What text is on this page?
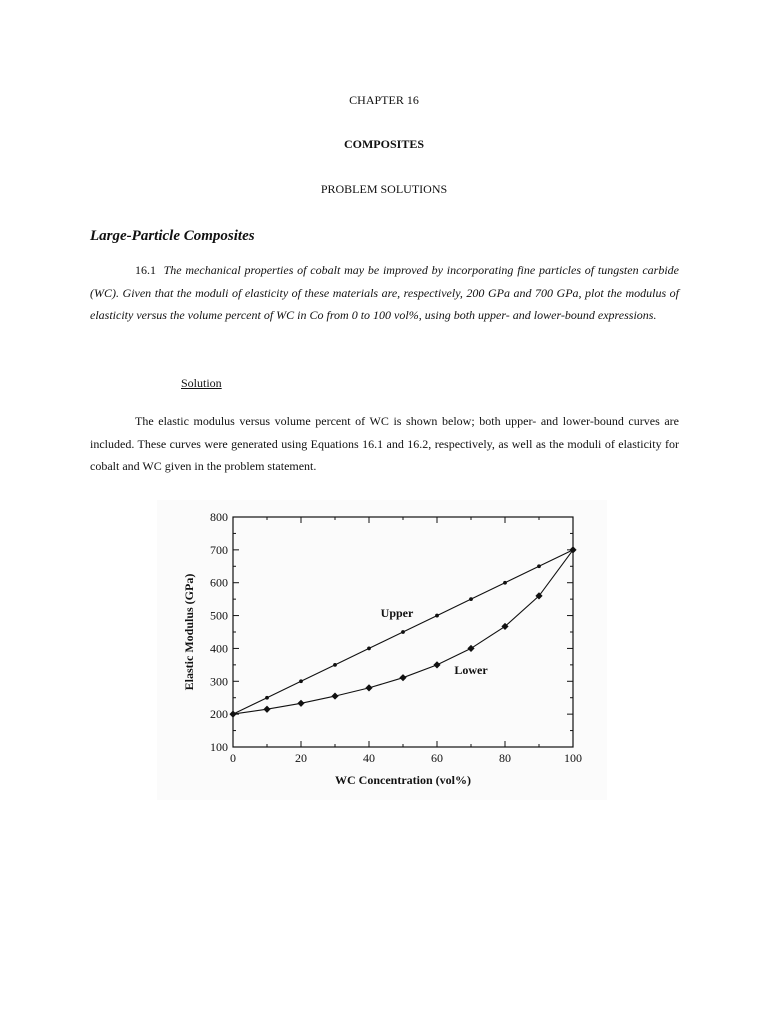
CHAPTER 16
COMPOSITES
PROBLEM SOLUTIONS
Large-Particle Composites

16.1 The mechanical properties of cobalt may be improved by incorporating fine particles of tungsten carbide (WC). Given that the moduli of elasticity of these materials are, respectively, 200 GPa and 700 GPa, plot the modulus of elasticity versus the volume percent of WC in Co from 0 to 100 vol%, using both upper- and lower-bound expressions.

Solution

The elastic modulus versus volume percent of WC is shown below; both upper- and lower-bound curves are included. These curves were generated using Equations 16.1 and 16.2, respectively, as well as the moduli of elasticity for cobalt and WC given in the problem statement.

0	20	40	60	80	100
100
200
300
400
500
600
700
800
WC Concentration (vol%)
Elastic Modulus (GPa)	Upper
Lower
